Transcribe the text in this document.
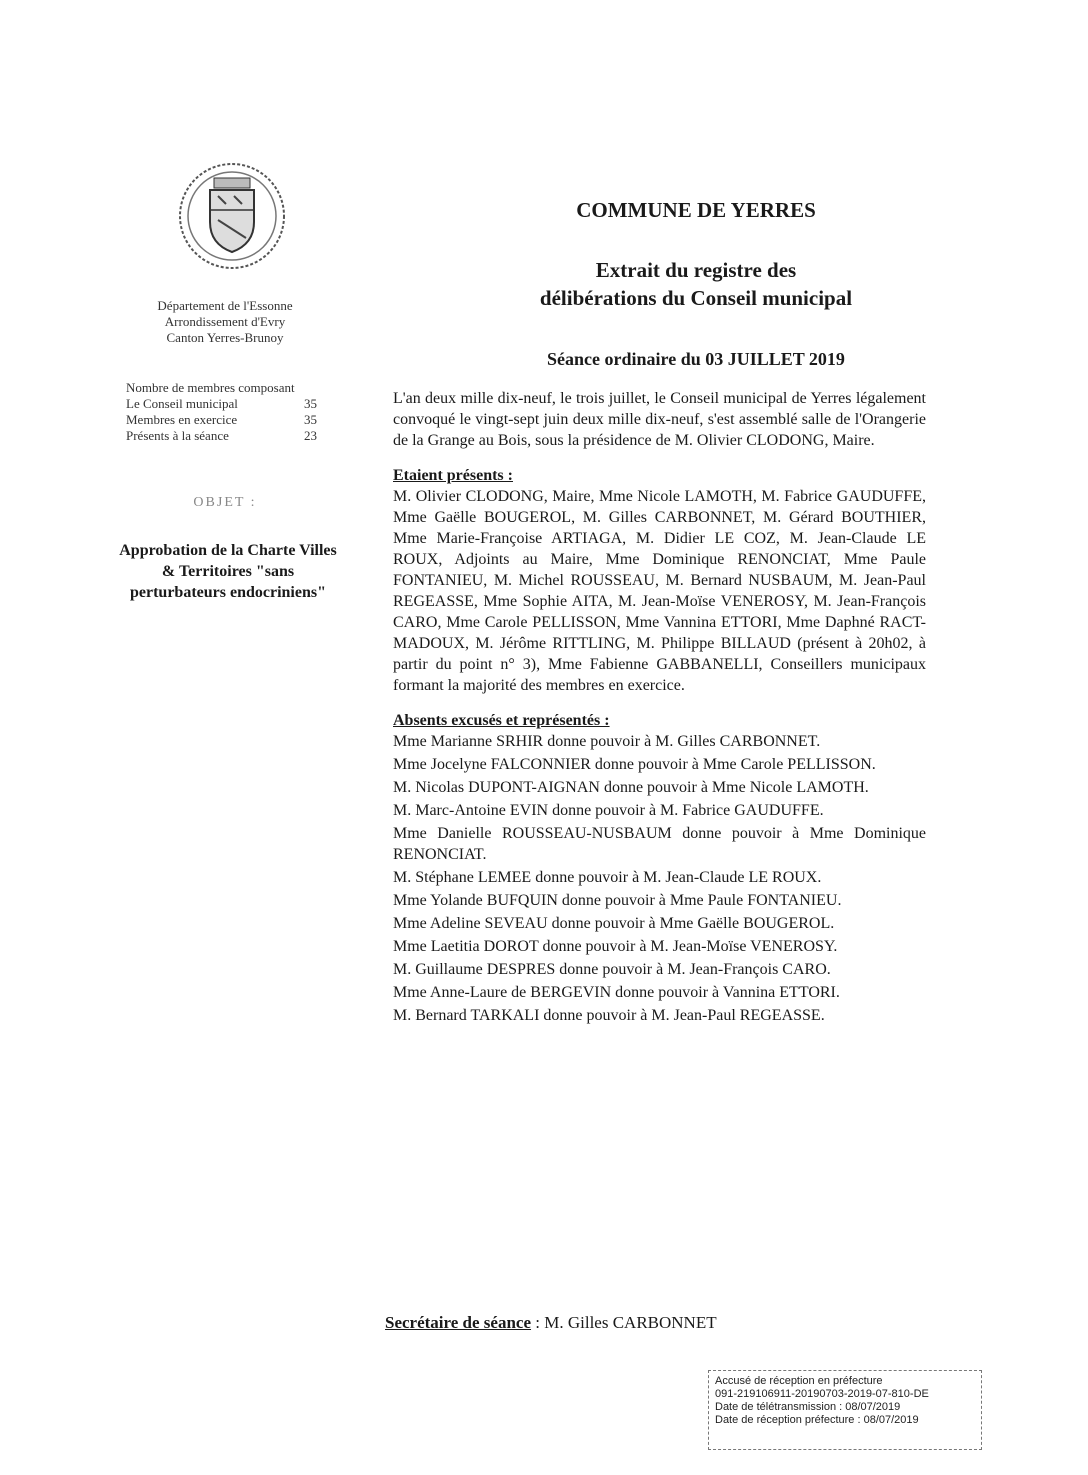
Département de l'Essonne
Arrondissement d'Evry
Canton Yerres-Brunoy
Nombre de membres composant
Le Conseil municipal	35
Membres en exercice	35
Présents à la séance	23
OBJET :
Approbation de la Charte Villes & Territoires "sans perturbateurs endocriniens"
COMMUNE DE YERRES
Extrait du registre des
délibérations du Conseil municipal
Séance ordinaire du 03 JUILLET 2019

L'an deux mille dix-neuf, le trois juillet, le Conseil municipal de Yerres légalement convoqué le vingt-sept juin deux mille dix-neuf, s'est assemblé salle de l'Orangerie de la Grange au Bois, sous la présidence de M. Olivier CLODONG, Maire.

Etaient présents :

M. Olivier CLODONG, Maire, Mme Nicole LAMOTH, M. Fabrice GAUDUFFE, Mme Gaëlle BOUGEROL, M. Gilles CARBONNET, M. Gérard BOUTHIER, Mme Marie-Françoise ARTIAGA, M. Didier LE COZ, M. Jean-Claude LE ROUX, Adjoints au Maire, Mme Dominique RENONCIAT, Mme Paule FONTANIEU, M. Michel ROUSSEAU, M. Bernard NUSBAUM, M. Jean-Paul REGEASSE, Mme Sophie AITA, M. Jean-Moïse VENEROSY, M. Jean-François CARO, Mme Carole PELLISSON, Mme Vannina ETTORI, Mme Daphné RACT-MADOUX, M. Jérôme RITTLING, M. Philippe BILLAUD (présent à 20h02, à partir du point n° 3), Mme Fabienne GABBANELLI, Conseillers municipaux formant la majorité des membres en exercice.

Absents excusés et représentés :

Mme Marianne SRHIR donne pouvoir à M. Gilles CARBONNET.

Mme Jocelyne FALCONNIER donne pouvoir à Mme Carole PELLISSON.

M. Nicolas DUPONT-AIGNAN donne pouvoir à Mme Nicole LAMOTH.

M. Marc-Antoine EVIN donne pouvoir à M. Fabrice GAUDUFFE.

Mme Danielle ROUSSEAU-NUSBAUM donne pouvoir à Mme Dominique RENONCIAT.

M. Stéphane LEMEE donne pouvoir à M. Jean-Claude LE ROUX.

Mme Yolande BUFQUIN donne pouvoir à Mme Paule FONTANIEU.

Mme Adeline SEVEAU donne pouvoir à Mme Gaëlle BOUGEROL.

Mme Laetitia DOROT donne pouvoir à M. Jean-Moïse VENEROSY.

M. Guillaume DESPRES donne pouvoir à M. Jean-François CARO.

Mme Anne-Laure de BERGEVIN donne pouvoir à Vannina ETTORI.

M. Bernard TARKALI donne pouvoir à M. Jean-Paul REGEASSE.

Secrétaire de séance : M. Gilles CARBONNET
Accusé de réception en préfecture
091-219106911-20190703-2019-07-810-DE
Date de télétransmission : 08/07/2019
Date de réception préfecture : 08/07/2019
